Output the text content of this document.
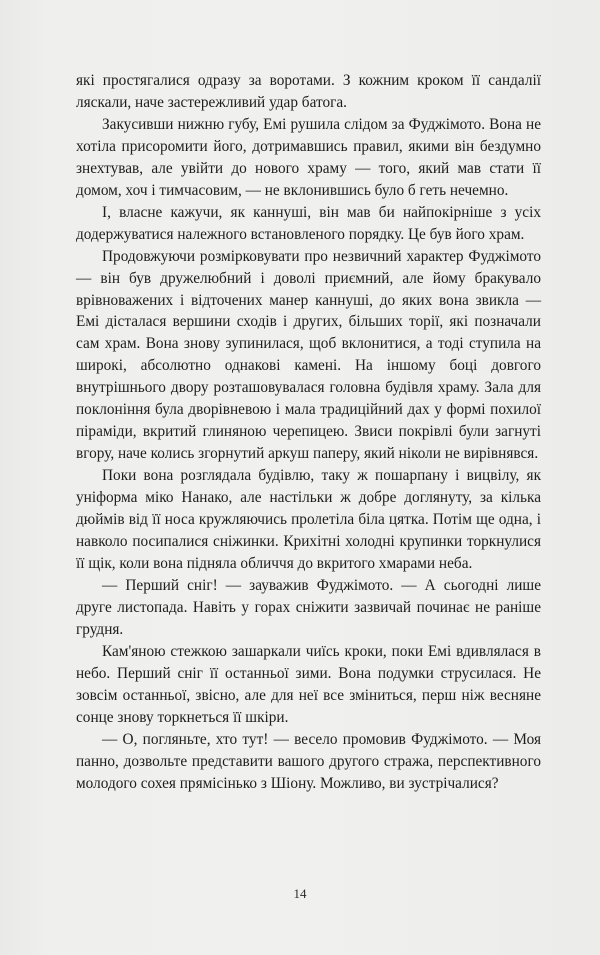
які простягалися одразу за воротами. З кожним кроком її сандалії ляскали, наче застережливий удар батога.

Закусивши нижню губу, Емі рушила слідом за Фуджімото. Вона не хотіла присоромити його, дотримавшись правил, якими він бездумно знехтував, але увійти до нового храму — того, який мав стати її домом, хоч і тимчасовим, — не вклонившись було б геть нечемно.

І, власне кажучи, як каннуші, він мав би найпокірніше з усіх додержуватися належного встановленого порядку. Це був його храм.

Продовжуючи розмірковувати про незвичний характер Фуджімото — він був дружелюбний і доволі приємний, але йому бракувало врівноважених і відточених манер каннуші, до яких вона звикла — Емі дісталася вершини сходів і других, більших торії, які позначали сам храм. Вона знову зупинилася, щоб вклонитися, а тоді ступила на широкі, абсолютно однакові камені. На іншому боці довгого внутрішнього двору розташовувалася головна будівля храму. Зала для поклоніння була дворівневою і мала традиційний дах у формі похилої піраміди, вкритий глиняною черепицею. Звиси покрівлі були загнуті вгору, наче колись згорнутий аркуш паперу, який ніколи не вирівнявся.

Поки вона розглядала будівлю, таку ж пошарпану і вицвілу, як уніформа міко Нанако, але настільки ж добре доглянуту, за кілька дюймів від її носа кружляючись пролетіла біла цятка. Потім ще одна, і навколо посипалися сніжинки. Крихітні холодні крупинки торкнулися її щік, коли вона підняла обличчя до вкритого хмарами неба.

— Перший сніг! — зауважив Фуджімото. — А сьогодні лише друге листопада. Навіть у горах сніжити зазвичай починає не раніше грудня.

Кам'яною стежкою зашаркали чиїсь кроки, поки Емі вдивлялася в небо. Перший сніг її останньої зими. Вона подумки струсилася. Не зовсім останньої, звісно, але для неї все зміниться, перш ніж весняне сонце знову торкнеться її шкіри.

— О, погляньте, хто тут! — весело промовив Фуджімото. — Моя панно, дозвольте представити вашого другого стража, перспективного молодого сохея прямісінько з Шіону. Можливо, ви зустрічалися?

14
